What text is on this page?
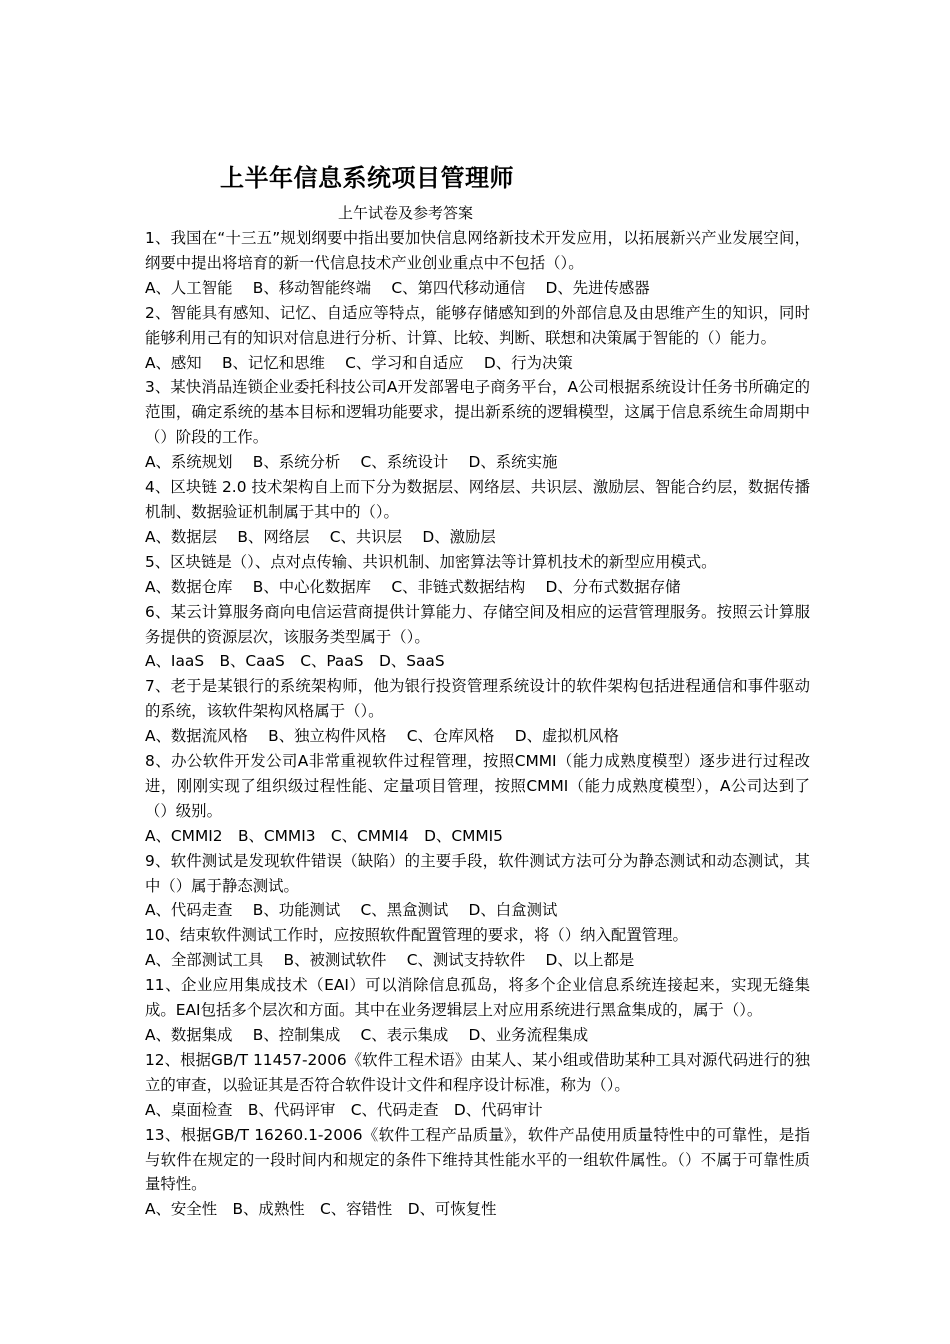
上半年信息系统项目管理师
上午试卷及参考答案
1、我国在“十三五”规划纲要中指出要加快信息网络新技术开发应用，以拓展新兴产业发展空间，纲要中提出将培育的新一代信息技术产业创业重点中不包括（）。
A、人工智能　 B、移动智能终端　 C、第四代移动通信　 D、先进传感器
2、智能具有感知、记忆、自适应等特点，能够存储感知到的外部信息及由思维产生的知识，同时能够利用己有的知识对信息进行分析、计算、比较、判断、联想和决策属于智能的（）能力。
A、感知　 B、记忆和思维　 C、学习和自适应　 D、行为决策
3、某快消品连锁企业委托科技公司A开发部署电子商务平台，A公司根据系统设计任务书所确定的范围，确定系统的基本目标和逻辑功能要求，提出新系统的逻辑模型，这属于信息系统生命周期中（）阶段的工作。
A、系统规划　 B、系统分析　 C、系统设计　 D、系统实施
4、区块链 2.0 技术架构自上而下分为数据层、网络层、共识层、激励层、智能合约层，数据传播机制、数据验证机制属于其中的（）。
A、数据层　 B、网络层　 C、共识层　 D、激励层
5、区块链是（）、点对点传输、共识机制、加密算法等计算机技术的新型应用模式。
A、数据仓库　 B、中心化数据库　 C、非链式数据结构　 D、分布式数据存储
6、某云计算服务商向电信运营商提供计算能力、存储空间及相应的运营管理服务。按照云计算服务提供的资源层次，该服务类型属于（）。
A、IaaS　B、CaaS　C、PaaS　D、SaaS
7、老于是某银行的系统架构师，他为银行投资管理系统设计的软件架构包括进程通信和事件驱动的系统，该软件架构风格属于（）。
A、数据流风格　 B、独立构件风格　 C、仓库风格　 D、虚拟机风格
8、办公软件开发公司A非常重视软件过程管理，按照CMMI（能力成熟度模型）逐步进行过程改进，刚刚实现了组织级过程性能、定量项目管理，按照CMMI（能力成熟度模型），A公司达到了（）级别。
A、CMMI2　B、CMMI3　C、CMMI4　D、CMMI5
9、软件测试是发现软件错误（缺陷）的主要手段，软件测试方法可分为静态测试和动态测试，其中（）属于静态测试。
A、代码走查　 B、功能测试　 C、黑盒测试　 D、白盒测试
10、结束软件测试工作时，应按照软件配置管理的要求，将（）纳入配置管理。
A、全部测试工具　 B、被测试软件　 C、测试支持软件　 D、以上都是
11、企业应用集成技术（EAI）可以消除信息孤岛，将多个企业信息系统连接起来，实现无缝集成。EAI包括多个层次和方面。其中在业务逻辑层上对应用系统进行黑盒集成的，属于（）。
A、数据集成　 B、控制集成　 C、表示集成　 D、业务流程集成
12、根据GB/T 11457-2006《软件工程术语》由某人、某小组或借助某种工具对源代码进行的独立的审查，以验证其是否符合软件设计文件和程序设计标准，称为（）。
A、桌面检查　B、代码评审　C、代码走查　D、代码审计
13、根据GB/T 16260.1-2006《软件工程产品质量》，软件产品使用质量特性中的可靠性，是指与软件在规定的一段时间内和规定的条件下维持其性能水平的一组软件属性。（）不属于可靠性质量特性。
A、安全性　B、成熟性　C、容错性　D、可恢复性
